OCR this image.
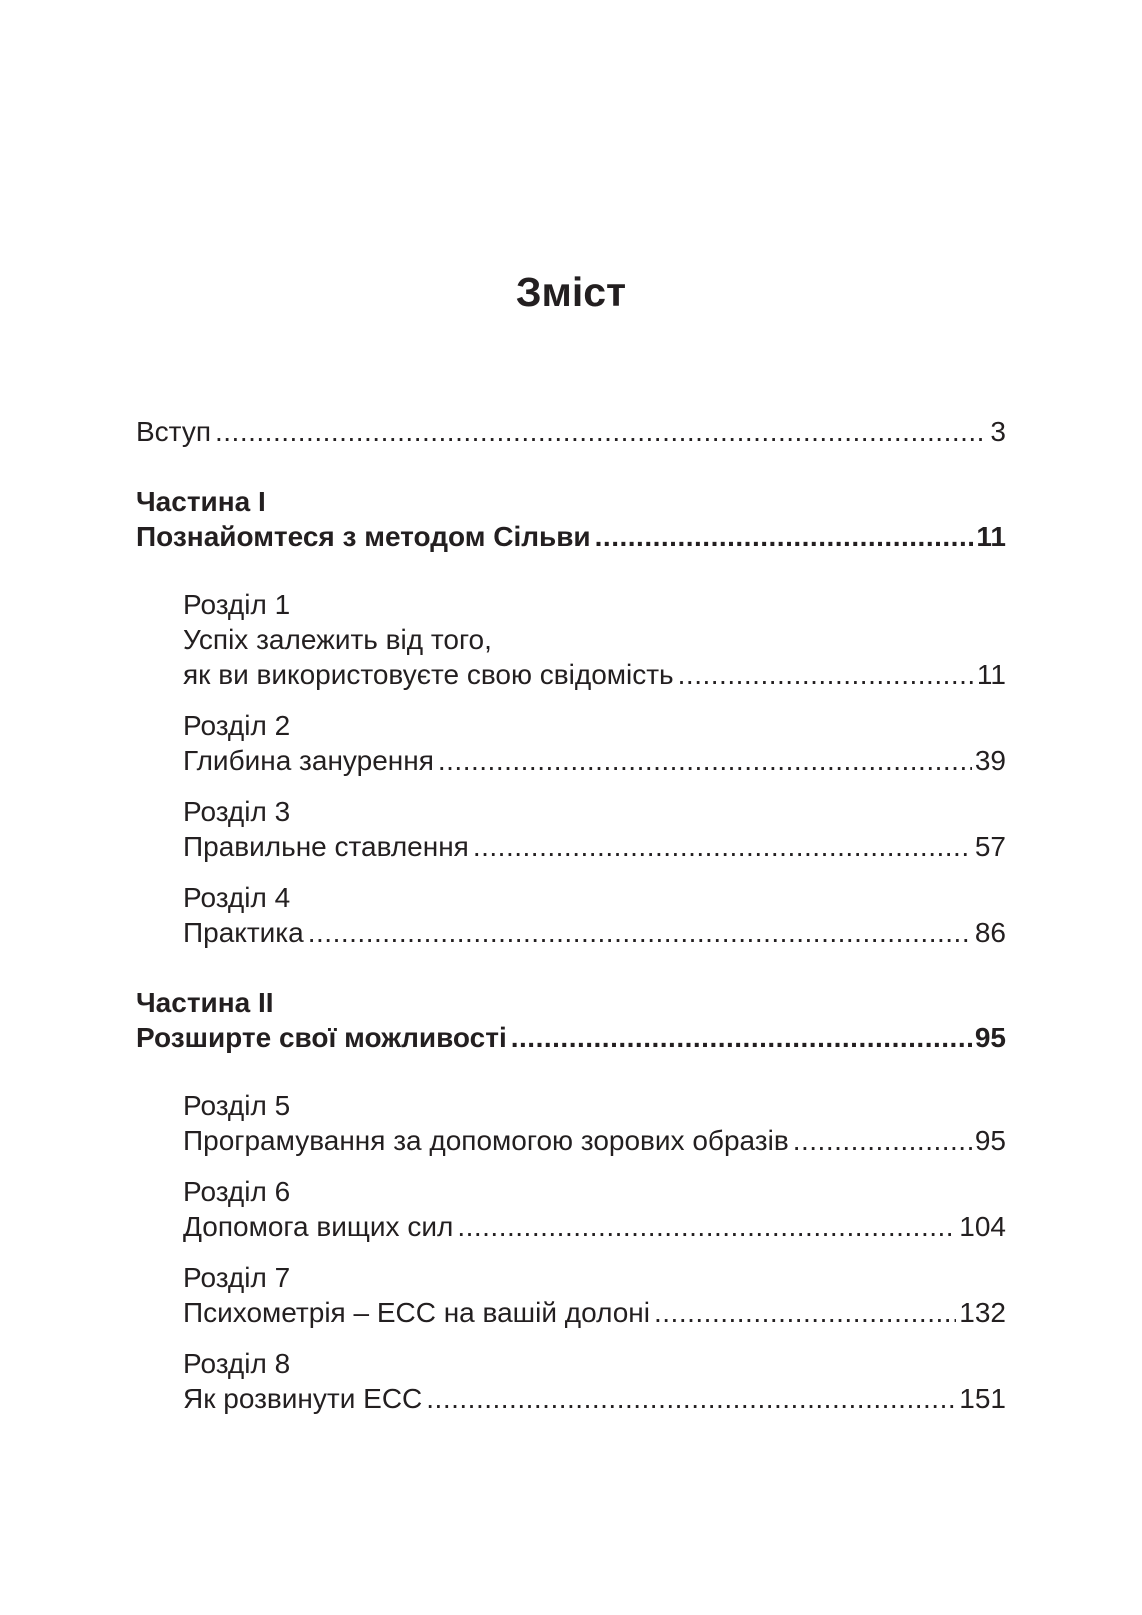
Зміст
Вступ .....	3
Частина I
Познайомтеся з методом Сільви .....	11
Розділ 1
Успіх залежить від того,
як ви використовуєте свою свідомість .....	11
Розділ 2
Глибина занурення .....	39
Розділ 3
Правильне ставлення .....	57
Розділ 4
Практика .....	86
Частина II
Розширте свої можливості .....	95
Розділ 5
Програмування за допомогою зорових образів .....	95
Розділ 6
Допомога вищих сил .....	104
Розділ 7
Психометрія – ЕСС на вашій долоні .....	132
Розділ 8
Як розвинути ЕСС .....	151
